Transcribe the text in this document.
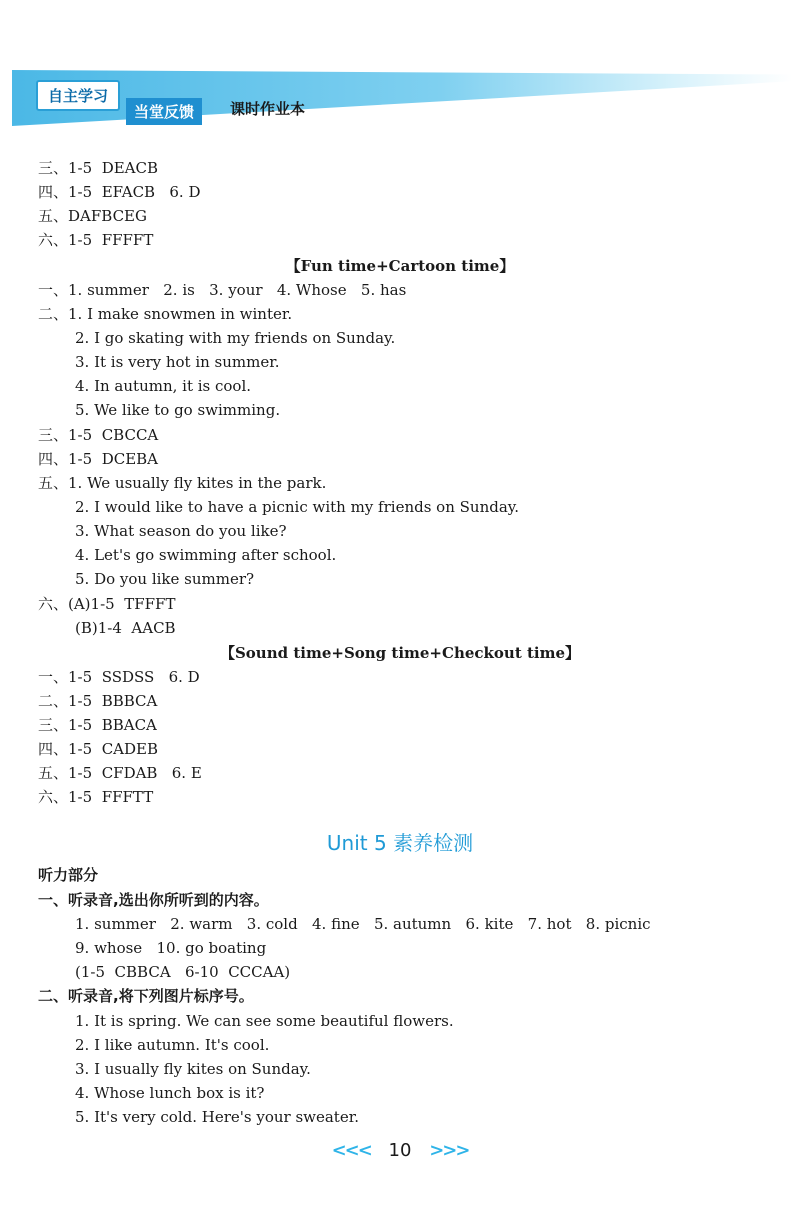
自主学习
当堂反馈	课时作业本
三、1-5  DEACB
四、1-5  EFACB   6. D
五、DAFBCEG
六、1-5  FFFFT
【Fun time+Cartoon time】
一、1. summer   2. is   3. your   4. Whose   5. has
二、1. I make snowmen in winter.
2. I go skating with my friends on Sunday.
3. It is very hot in summer.
4. In autumn, it is cool.
5. We like to go swimming.
三、1-5  CBCCA
四、1-5  DCEBA
五、1. We usually fly kites in the park.
2. I would like to have a picnic with my friends on Sunday.
3. What season do you like?
4. Let's go swimming after school.
5. Do you like summer?
六、(A)1-5  TFFFT
(B)1-4  AACB
【Sound time+Song time+Checkout time】
一、1-5  SSDSS   6. D
二、1-5  BBBCA
三、1-5  BBACA
四、1-5  CADEB
五、1-5  CFDAB   6. E
六、1-5  FFFTT
Unit 5 素养检测
听力部分
一、听录音,选出你所听到的内容。
1. summer   2. warm   3. cold   4. fine   5. autumn   6. kite   7. hot   8. picnic
9. whose   10. go boating
(1-5  CBBCA   6-10  CCCAA)
二、听录音,将下列图片标序号。
1. It is spring. We can see some beautiful flowers.
2. I like autumn. It's cool.
3. I usually fly kites on Sunday.
4. Whose lunch box is it?
5. It's very cold. Here's your sweater.
<<< 10 >>>
